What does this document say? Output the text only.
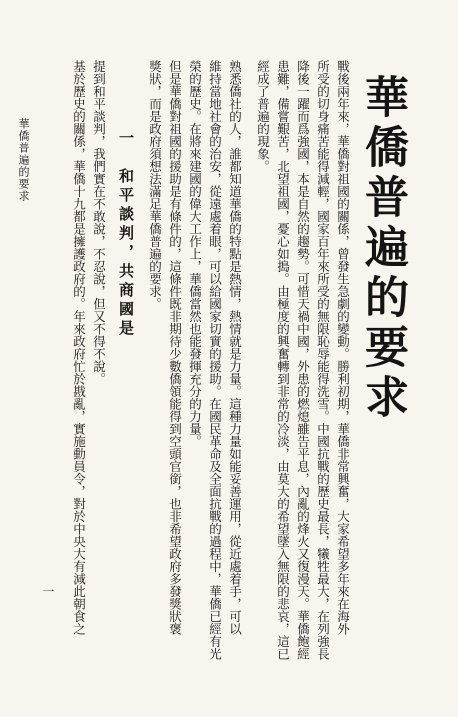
華僑普遍的要求
戰後兩年來，華僑對祖國的關係，曾發生急劇的變動。勝利初期，華僑非常興奮，大家希望多年來在海外
所受的切身痛苦能得減輕，國家百年來所受的無限恥辱能得洗雪。中國抗戰的歷史最長，犧牲最大，在列強長
降後一躍而爲強國，本是自然的趨勢。可惜天禍中國，外患的燃熄雖告平息，內亂的烽火又復漫天。華僑飽經
患難，備嘗艱苦，北望祖國，憂心如搗。由極度的興奮轉到非常的冷淡，由莫大的希望墜入無限的悲哀，這已
經成了普遍的現象。
熟悉僑社的人，誰都知道華僑的特點是熱情，熱情就是力量。這種力量如能妥善運用，從近處着手，可以
維持當地社會的治安，從遠處着眼，可以給國家切實的援助。在國民革命及全面抗戰的過程中，華僑已經有光
榮的歷史。在將來建國的偉大工作上，華僑當然也能發揮充分的力量。
但是華僑對祖國的援助是有條件的，這條件既非期待少數僑領能得到空頭官銜，也非希望政府多發獎狀褒
獎狀，而是政府須想法滿足華僑普遍的要求。
一　和平談判，共商國是
提到和平談判，我們實在不敢說，不忍說，但又不得不說。
基於歷史的關係，華僑十九都是擁護政府的。年來政府忙於戡亂，實施動員令，對於中央大有減此朝食之
華僑普遍的要求
一
